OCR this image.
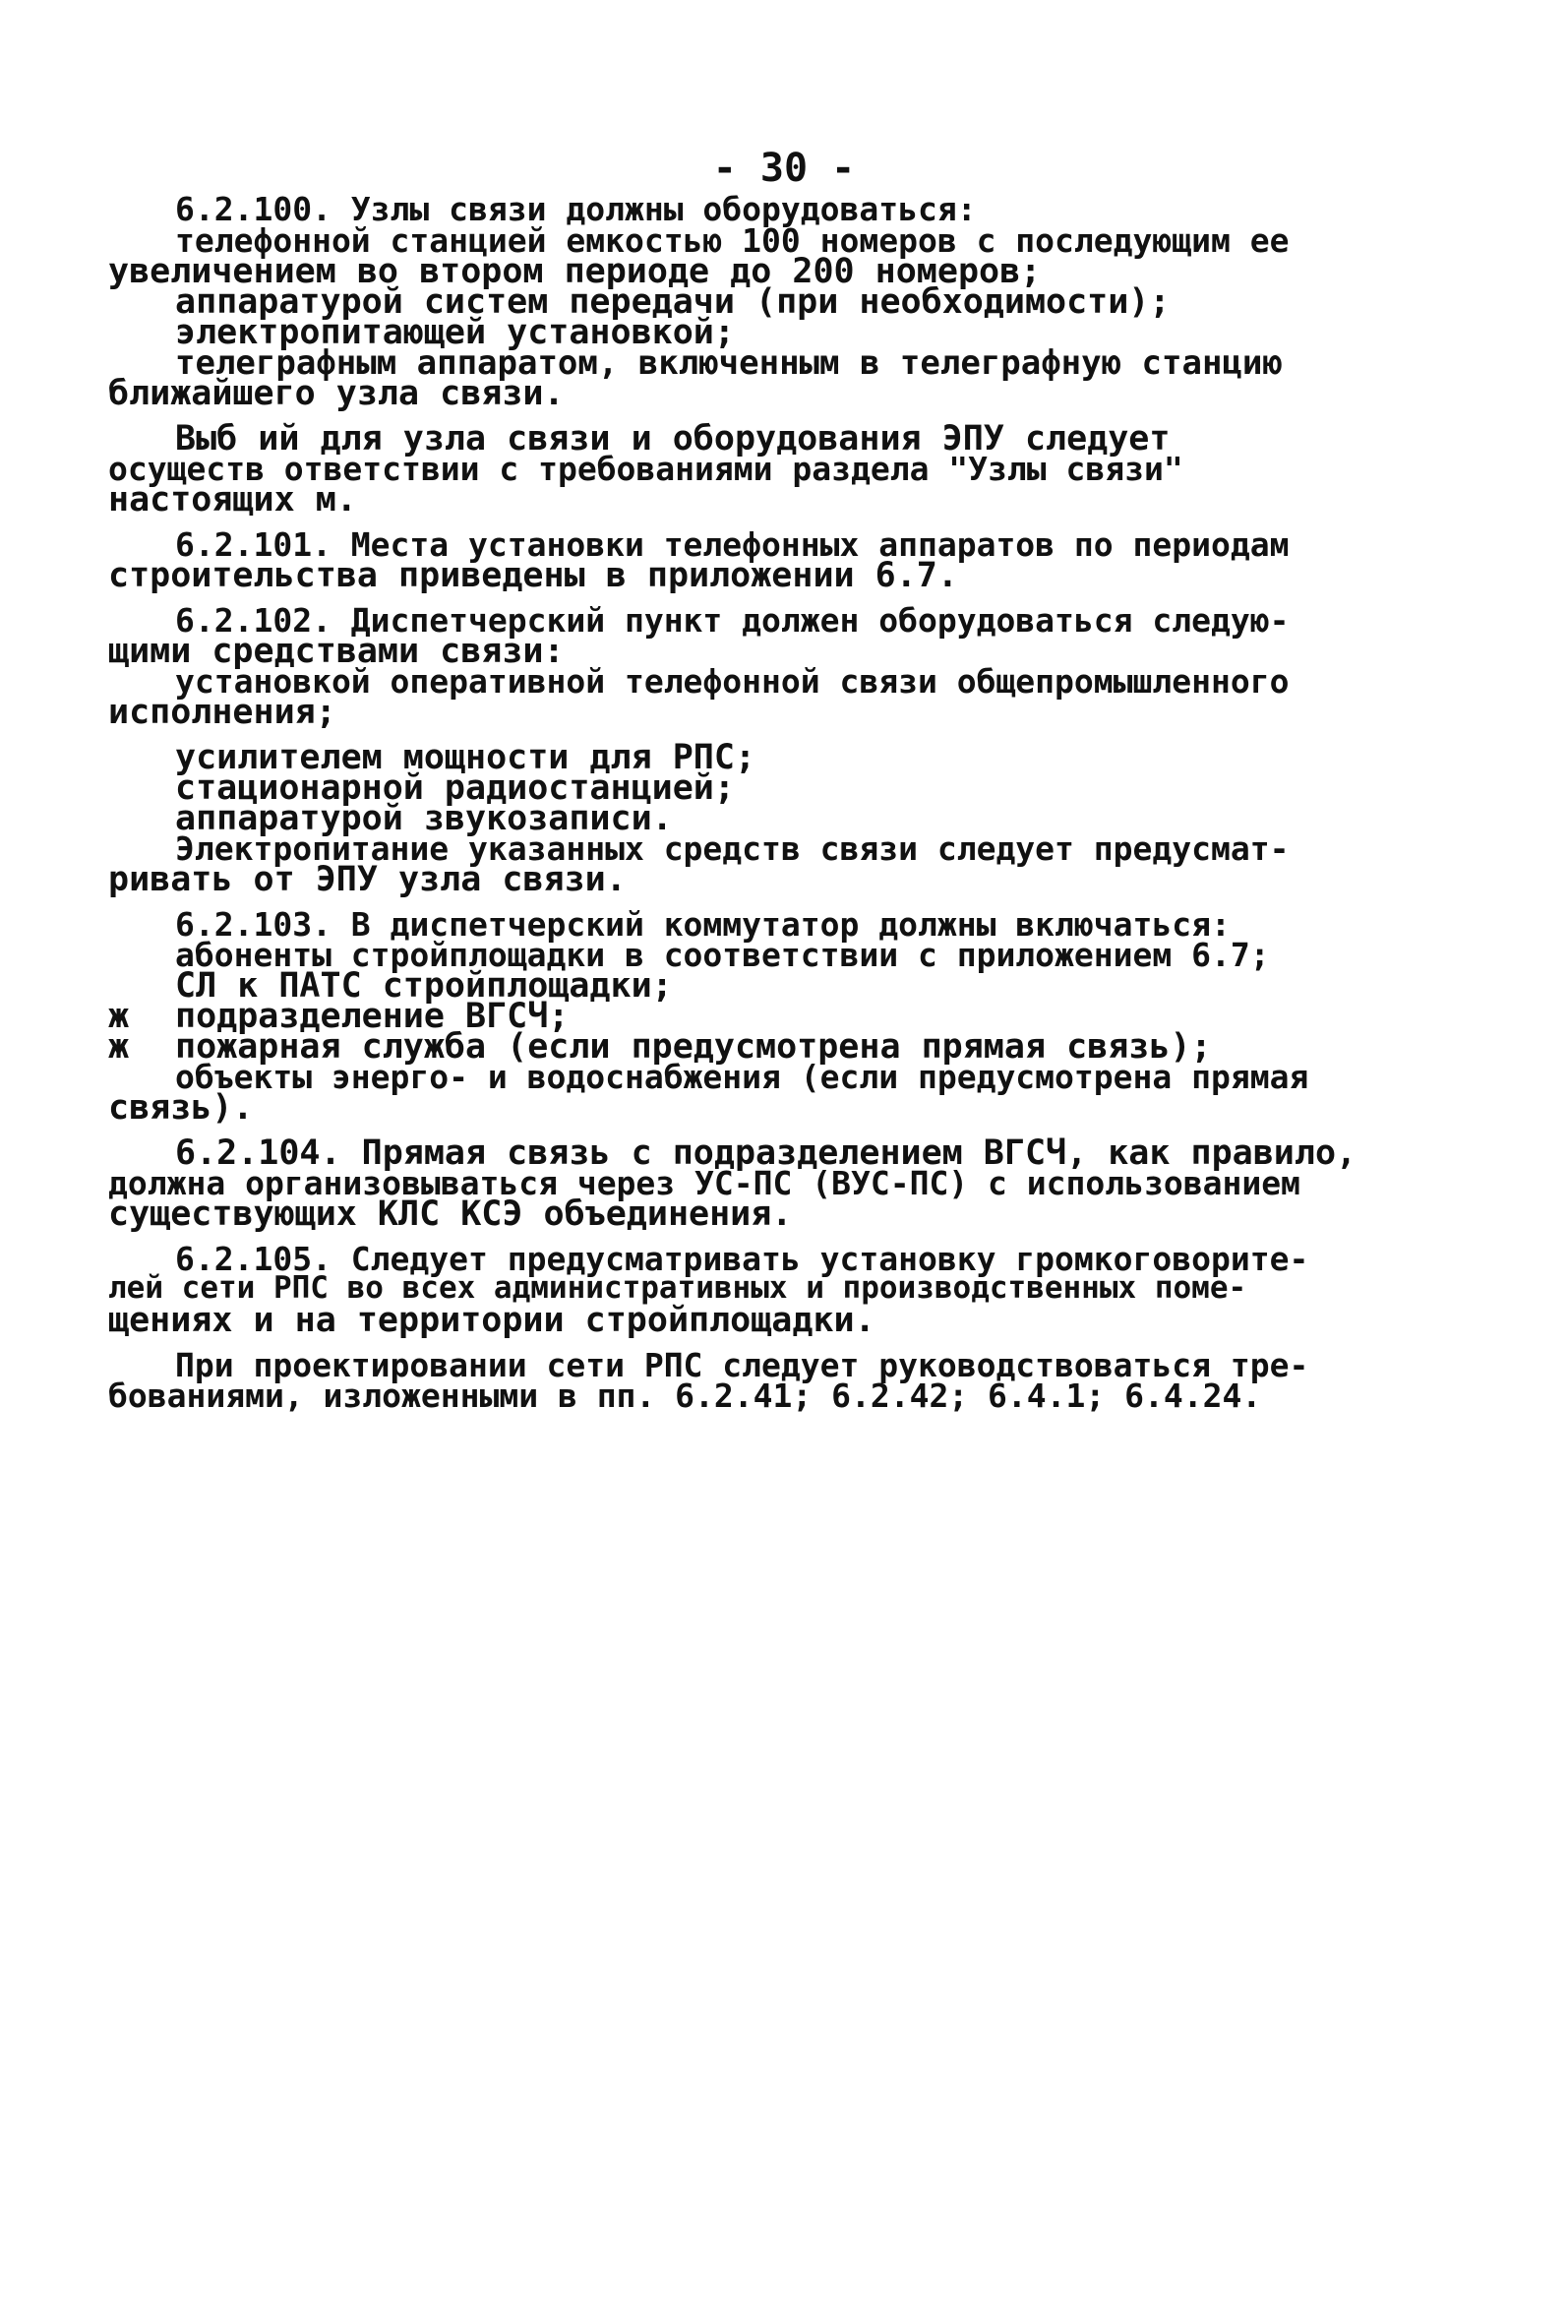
- 30 -
6.2.100. Узлы связи должны оборудоваться:
телефонной станцией емкостью 100 номеров с последующим ее
увеличением во втором периоде до 200 номеров;
аппаратурой систем передачи (при необходимости);
электропитающей установкой;
телеграфным аппаратом, включенным в телеграфную станцию
ближайшего узла связи.
Выб ий для узла связи и оборудования ЭПУ следует
осуществ ответствии с требованиями раздела "Узлы связи"
настоящих м.
6.2.101. Места установки телефонных аппаратов по периодам
строительства приведены в приложении 6.7.
6.2.102. Диспетчерский пункт должен оборудоваться следую-
щими средствами связи:
установкой оперативной телефонной связи общепромышленного
исполнения;
усилителем мощности для РПС;
стационарной радиостанцией;
аппаратурой звукозаписи.
Электропитание указанных средств связи следует предусмат-
ривать от ЭПУ узла связи.
6.2.103. В диспетчерский коммутатор должны включаться:
абоненты стройплощадки в соответствии с приложением 6.7;
СЛ к ПАТС стройплощадки;
ж подразделение ВГСЧ;
ж пожарная служба (если предусмотрена прямая связь);
объекты энерго- и водоснабжения (если предусмотрена прямая
связь).
6.2.104. Прямая связь с подразделением ВГСЧ, как правило,
должна организовываться через УС-ПС (ВУС-ПС) с использованием
существующих КЛС КСЭ объединения.
6.2.105. Следует предусматривать установку громкоговорите-
лей сети РПС во всех административных и производственных поме-
щениях и на территории стройплощадки.
При проектировании сети РПС следует руководствоваться тре-
бованиями, изложенными в пп. 6.2.41; 6.2.42; 6.4.1; 6.4.24.
